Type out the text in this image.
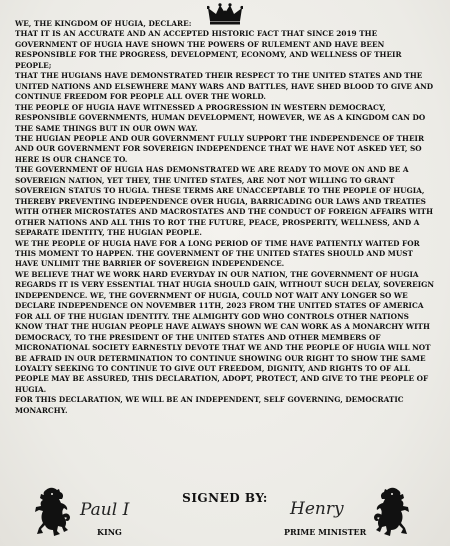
WE, THE KINGDOM OF HUGIA, DECLARE:

THAT IT IS AN ACCURATE AND AN ACCEPTED HISTORIC FACT THAT SINCE 2019 THE GOVERNMENT OF HUGIA HAVE SHOWN THE POWERS OF RULEMENT AND HAVE BEEN RESPONSIBLE FOR THE PROGRESS, DEVELOPMENT, ECONOMY, AND WELLNESS OF THEIR PEOPLE;

THAT THE HUGIANS HAVE DEMONSTRATED THEIR RESPECT TO THE UNITED STATES AND THE UNITED NATIONS AND ELSEWHERE MANY WARS AND BATTLES, HAVE SHED BLOOD TO GIVE AND CONTINUE FREEDOM FOR PEOPLE ALL OVER THE WORLD.

THE PEOPLE OF HUGIA HAVE WITNESSED A PROGRESSION IN WESTERN DEMOCRACY, RESPONSIBLE GOVERNMENTS, HUMAN DEVELOPMENT, HOWEVER, WE AS A KINGDOM CAN DO THE SAME THINGS BUT IN OUR OWN WAY.

THE HUGIAN PEOPLE AND OUR GOVERNMENT FULLY SUPPORT THE INDEPENDENCE OF THEIR AND OUR GOVERNMENT FOR SOVEREIGN INDEPENDENCE THAT WE HAVE NOT ASKED YET, SO HERE IS OUR CHANCE TO.

THE GOVERNMENT OF HUGIA HAS DEMONSTRATED WE ARE READY TO MOVE ON AND BE A SOVEREIGN NATION, YET THEY, THE UNITED STATES, ARE NOT NOT WILLING TO GRANT SOVEREIGN STATUS TO HUGIA. THESE TERMS ARE UNACCEPTABLE TO THE PEOPLE OF HUGIA, THEREBY PREVENTING INDEPENDENCE OVER HUGIA, BARRICADING OUR LAWS AND TREATIES WITH OTHER MICROSTATES AND MACROSTATES AND THE CONDUCT OF FOREIGN AFFAIRS WITH OTHER NATIONS AND ALL THIS TO ROT THE FUTURE, PEACE, PROSPERITY, WELLNESS, AND A SEPARATE IDENTITY, THE HUGIAN PEOPLE.

WE THE PEOPLE OF HUGIA HAVE FOR A LONG PERIOD OF TIME HAVE PATIENTLY WAITED FOR THIS MOMENT TO HAPPEN. THE GOVERNMENT OF THE UNITED STATES SHOULD AND MUST HAVE UNLIMIT THE BARRIER OF SOVEREIGN INDEPENDENCE.

WE BELIEVE THAT WE WORK HARD EVERYDAY IN OUR NATION, THE GOVERNMENT OF HUGIA REGARDS IT IS VERY ESSENTIAL THAT HUGIA SHOULD GAIN, WITHOUT SUCH DELAY, SOVEREIGN INDEPENDENCE. WE, THE GOVERNMENT OF HUGIA, COULD NOT WAIT ANY LONGER SO WE DECLARE INDEPENDENCE ON NOVEMBER 11TH, 2023 FROM THE UNITED STATES OF AMERICA FOR ALL OF THE HUGIAN IDENTITY. THE ALMIGHTY GOD WHO CONTROLS OTHER NATIONS KNOW THAT THE HUGIAN PEOPLE HAVE ALWAYS SHOWN WE CAN WORK AS A MONARCHY WITH DEMOCRACY, TO THE PRESIDENT OF THE UNITED STATES AND OTHER MEMBERS OF MICRONATIONAL SOCIETY EARNESTLY DEVOTE THAT WE AND THE PEOPLE OF HUGIA WILL NOT BE AFRAID IN OUR DETERMINATION TO CONTINUE SHOWING OUR RIGHT TO SHOW THE SAME LOYALTY SEEKING TO CONTINUE TO GIVE OUT FREEDOM, DIGNITY, AND RIGHTS TO OF ALL PEOPLE MAY BE ASSURED, THIS DECLARATION, ADOPT, PROTECT, AND GIVE TO THE PEOPLE OF HUGIA.

FOR THIS DECLARATION, WE WILL BE AN INDEPENDENT, SELF GOVERNING, DEMOCRATIC MONARCHY.

SIGNED BY:
Paul I
KING
Henry
PRIME MINISTER
